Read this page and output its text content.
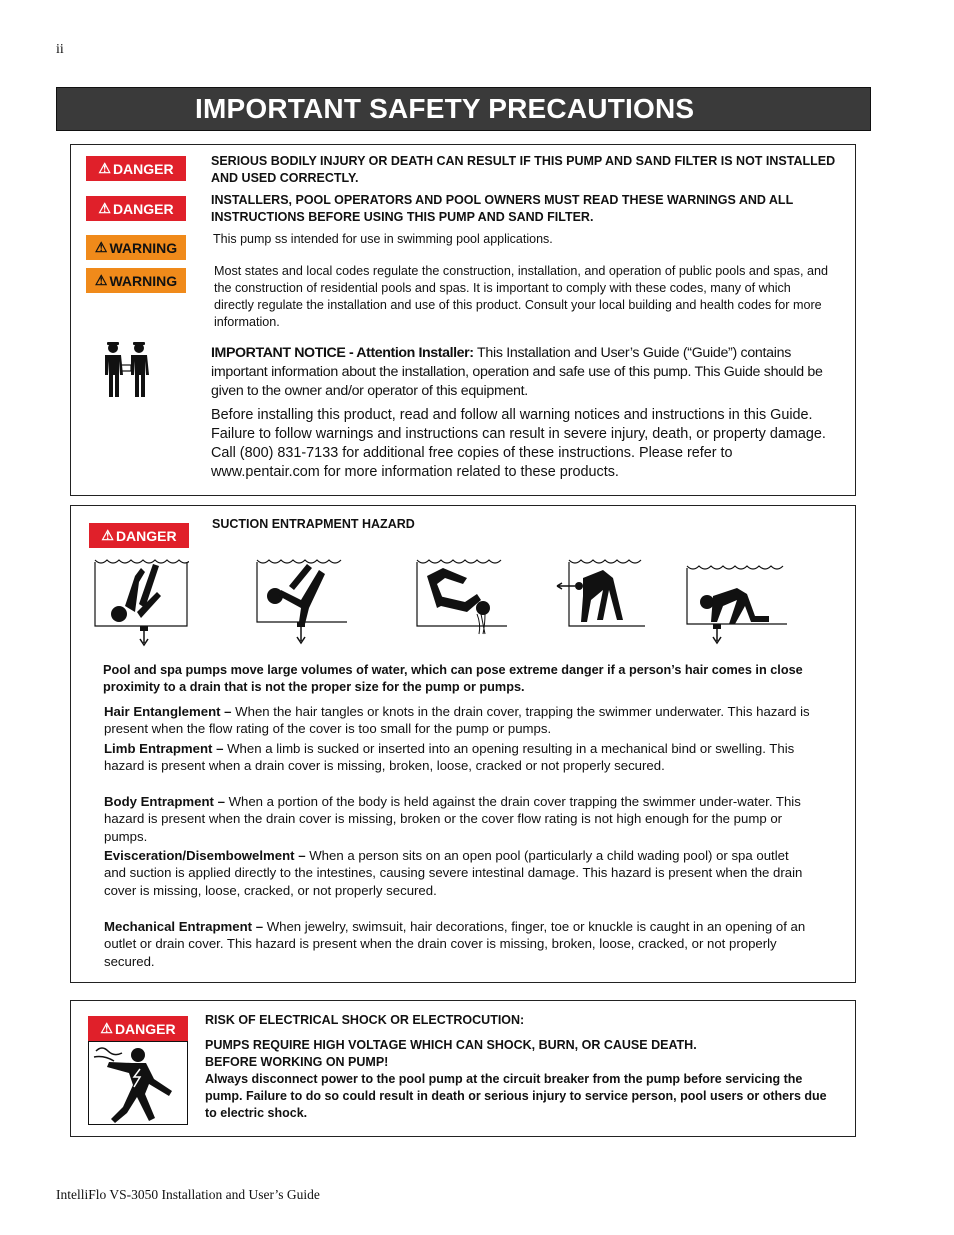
ii
IMPORTANT SAFETY PRECAUTIONS
⚠ DANGER
⚠ DANGER
⚠ WARNING
⚠ WARNING
SERIOUS BODILY INJURY OR DEATH CAN RESULT IF THIS PUMP AND SAND FILTER IS NOT INSTALLED AND USED CORRECTLY.
INSTALLERS, POOL OPERATORS AND POOL OWNERS MUST READ THESE WARNINGS AND ALL INSTRUCTIONS BEFORE USING THIS PUMP AND SAND FILTER.
This pump ss intended for use in swimming pool applications.
Most states and local codes regulate the construction, installation, and operation of public pools and spas, and the construction of residential pools and spas. It is important to comply with these codes, many of which directly regulate the installation and use of this product. Consult your local building and health codes for more information.
IMPORTANT NOTICE - Attention Installer: This Installation and User’s Guide (“Guide”) contains important information about the installation, operation and safe use of this pump. This Guide should be given to the owner and/or operator of this equipment.
Before installing this product, read and follow all warning notices and instructions in this Guide. Failure to follow warnings and instructions can result in severe injury, death, or property damage. Call (800) 831-7133 for additional free copies of these instructions. Please refer to www.pentair.com for more information related to these products.
⚠ DANGER
SUCTION ENTRAPMENT HAZARD
Pool and spa pumps move large volumes of water, which can pose extreme danger if a person’s hair comes in close proximity to a drain that is not the proper size for the pump or pumps.
Hair Entanglement – When the hair tangles or knots in the drain cover, trapping the swimmer underwater. This hazard is present when the flow rating of the cover is too small for the pump or pumps.
Limb Entrapment – When a limb is sucked or inserted into an opening resulting in a mechanical bind or swelling. This hazard is present when a drain cover is missing, broken, loose, cracked or not properly secured.
Body Entrapment – When a portion of the body is held against the drain cover trapping the swimmer under-water. This hazard is present when the drain cover is missing, broken or the cover flow rating is not high enough for the pump or pumps.
Evisceration/Disembowelment – When a person sits on an open pool (particularly a child wading pool) or spa outlet and suction is applied directly to the intestines, causing severe intestinal damage. This hazard is present when the drain cover is missing, loose, cracked, or not properly secured.
Mechanical Entrapment – When jewelry, swimsuit, hair decorations, finger, toe or knuckle is caught in an opening of an outlet or drain cover. This hazard is present when the drain cover is missing, broken, loose, cracked, or not properly secured.
⚠ DANGER
RISK OF ELECTRICAL SHOCK OR ELECTROCUTION:
PUMPS REQUIRE HIGH VOLTAGE WHICH CAN SHOCK, BURN, OR CAUSE DEATH.
BEFORE WORKING ON PUMP!
Always disconnect power to the pool pump at the circuit breaker from the pump before servicing the pump. Failure to do so could result in death or serious injury to service person, pool users or others due to electric shock.
IntelliFlo VS-3050 Installation and User’s Guide
